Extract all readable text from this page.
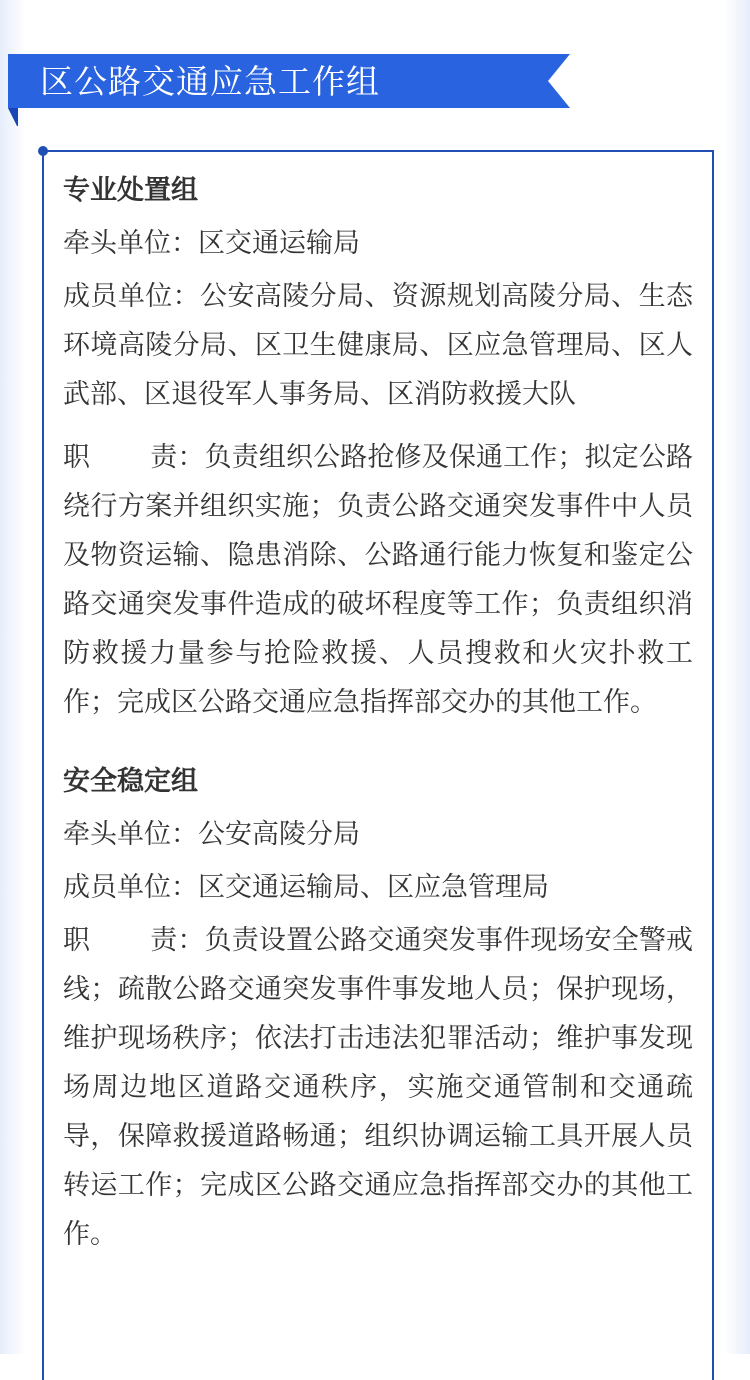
区公路交通应急工作组

专业处置组

牵头单位：区交通运输局

成员单位：公安高陵分局、资源规划高陵分局、生态环境高陵分局、区卫生健康局、区应急管理局、区人武部、区退役军人事务局、区消防救援大队

职 责：负责组织公路抢修及保通工作；拟定公路绕行方案并组织实施；负责公路交通突发事件中人员及物资运输、隐患消除、公路通行能力恢复和鉴定公路交通突发事件造成的破坏程度等工作；负责组织消防救援力量参与抢险救援、人员搜救和火灾扑救工作；完成区公路交通应急指挥部交办的其他工作。

安全稳定组

牵头单位：公安高陵分局

成员单位：区交通运输局、区应急管理局

职 责：负责设置公路交通突发事件现场安全警戒线；疏散公路交通突发事件事发地人员；保护现场，维护现场秩序；依法打击违法犯罪活动；维护事发现场周边地区道路交通秩序，实施交通管制和交通疏导，保障救援道路畅通；组织协调运输工具开展人员转运工作；完成区公路交通应急指挥部交办的其他工作。
